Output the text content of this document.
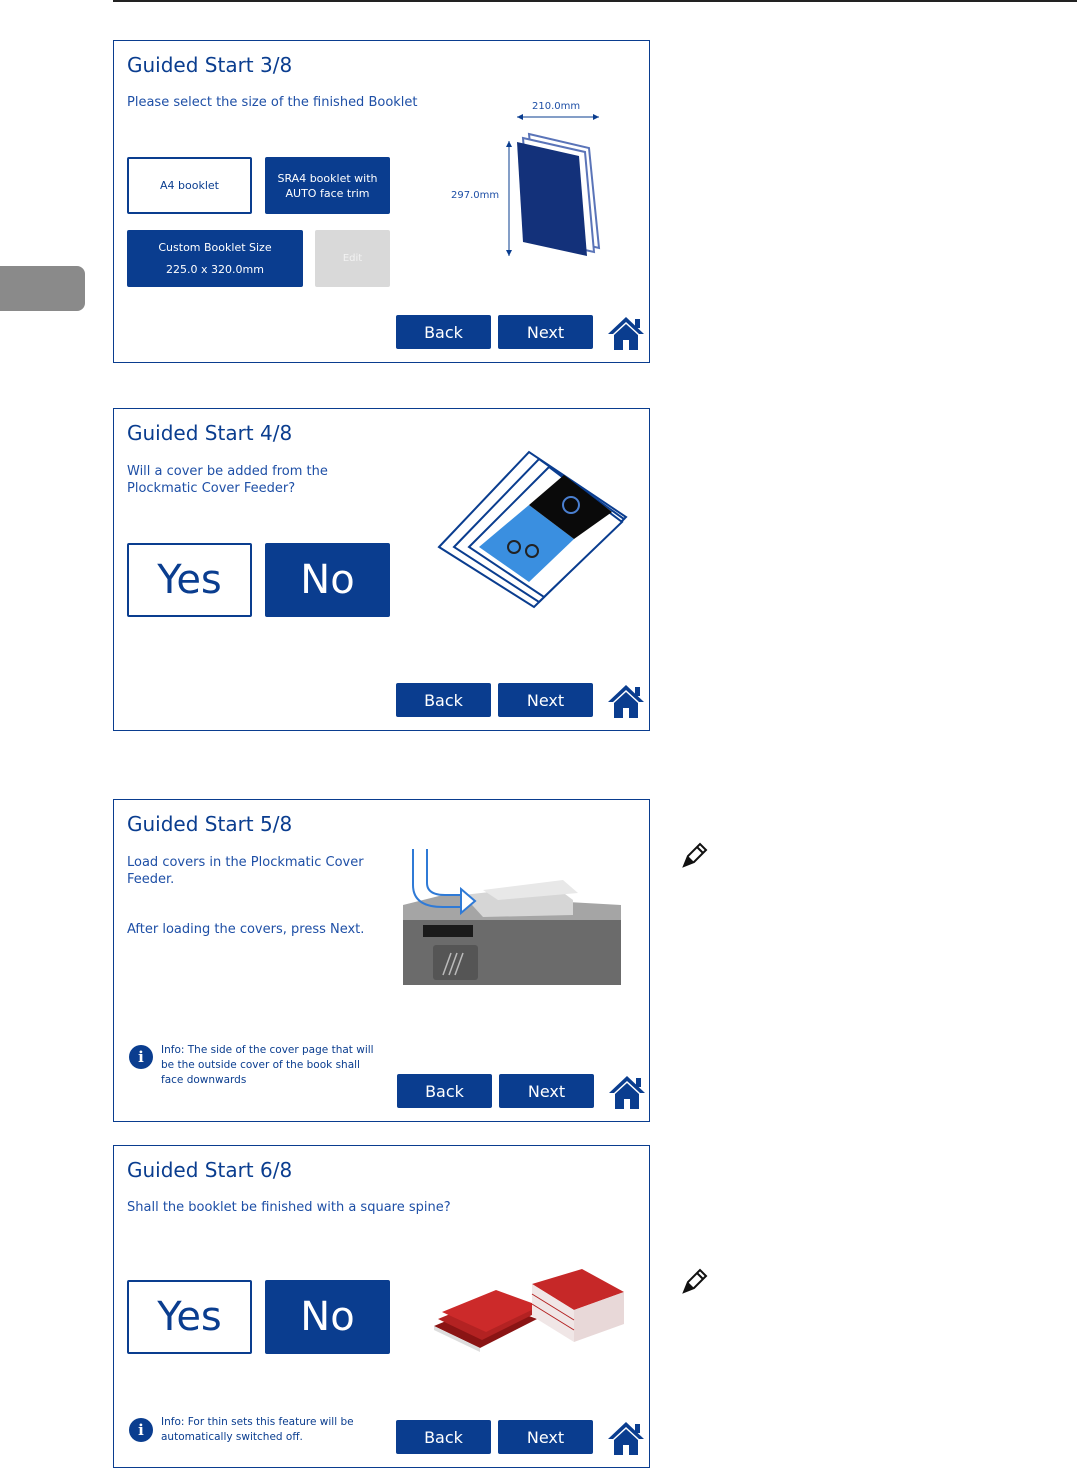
Guided Start 3/8
Please select the size of the finished Booklet
A4 booklet
SRA4 booklet with
AUTO face trim
Custom Booklet Size
225.0 x 320.0mm
Edit
210.0mm
297.0mm
Back	Next
Guided Start 4/8
Will a cover be added from the
Plockmatic Cover Feeder?
Yes No
Back	Next
Guided Start 5/8
Load covers in the Plockmatic Cover
Feeder.
After loading the covers, press Next.
i	Info: The side of the cover page that will
be the outside cover of the book shall
face downwards
Back	Next
Guided Start 6/8
Shall the booklet be finished with a square spine?
Yes No
i	Info: For thin sets this feature will be
automatically switched off.	Back	Next
